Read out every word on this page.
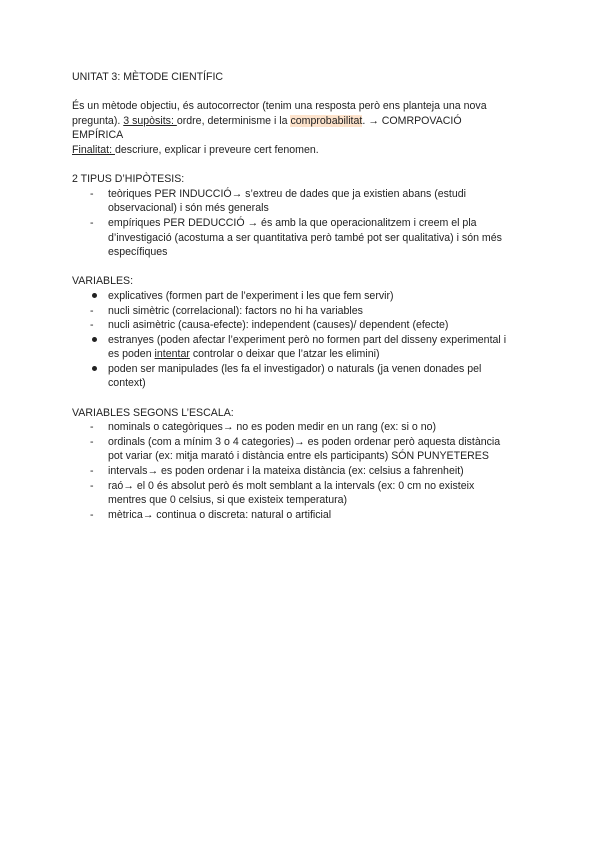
UNITAT 3: MÈTODE CIENTÍFIC
És un mètode objectiu, és autocorrector (tenim una resposta però ens planteja una nova
pregunta). 3 supòsits: ordre, determinisme i la comprobabilitat. → COMRPOVACIÓ
EMPÍRICA
Finalitat: descriure, explicar i preveure cert fenomen.
2 TIPUS D’HIPÒTESIS:
-	teòriques PER INDUCCIÓ→ s’extreu de dades que ja existien abans (estudi
observacional) i són més generals
-	empíriques PER DEDUCCIÓ → és amb la que operacionalitzem i creem el pla
d’investigació (acostuma a ser quantitativa però també pot ser qualitativa) i són més
específiques
VARIABLES:
explicatives (formen part de l’experiment i les que fem servir)
-	nucli simètric (correlacional): factors no hi ha variables
-	nucli asimètric (causa-efecte): independent (causes)/ dependent (efecte)
estranyes (poden afectar l’experiment però no formen part del disseny experimental i
es poden intentar controlar o deixar que l’atzar les elimini)
poden ser manipulades (les fa el investigador) o naturals (ja venen donades pel
context)
VARIABLES SEGONS L’ESCALA:
-	nominals o categòriques→ no es poden medir en un rang (ex: si o no)
-	ordinals (com a mínim 3 o 4 categories)→ es poden ordenar però aquesta distància
pot variar (ex: mitja marató i distància entre els participants) SÓN PUNYETERES
-	intervals→ es poden ordenar i la mateixa distància (ex: celsius a fahrenheit)
-	raó→ el 0 és absolut però és molt semblant a la intervals (ex: 0 cm no existeix
mentres que 0 celsius, si que existeix temperatura)
-	mètrica→ continua o discreta: natural o artificial
